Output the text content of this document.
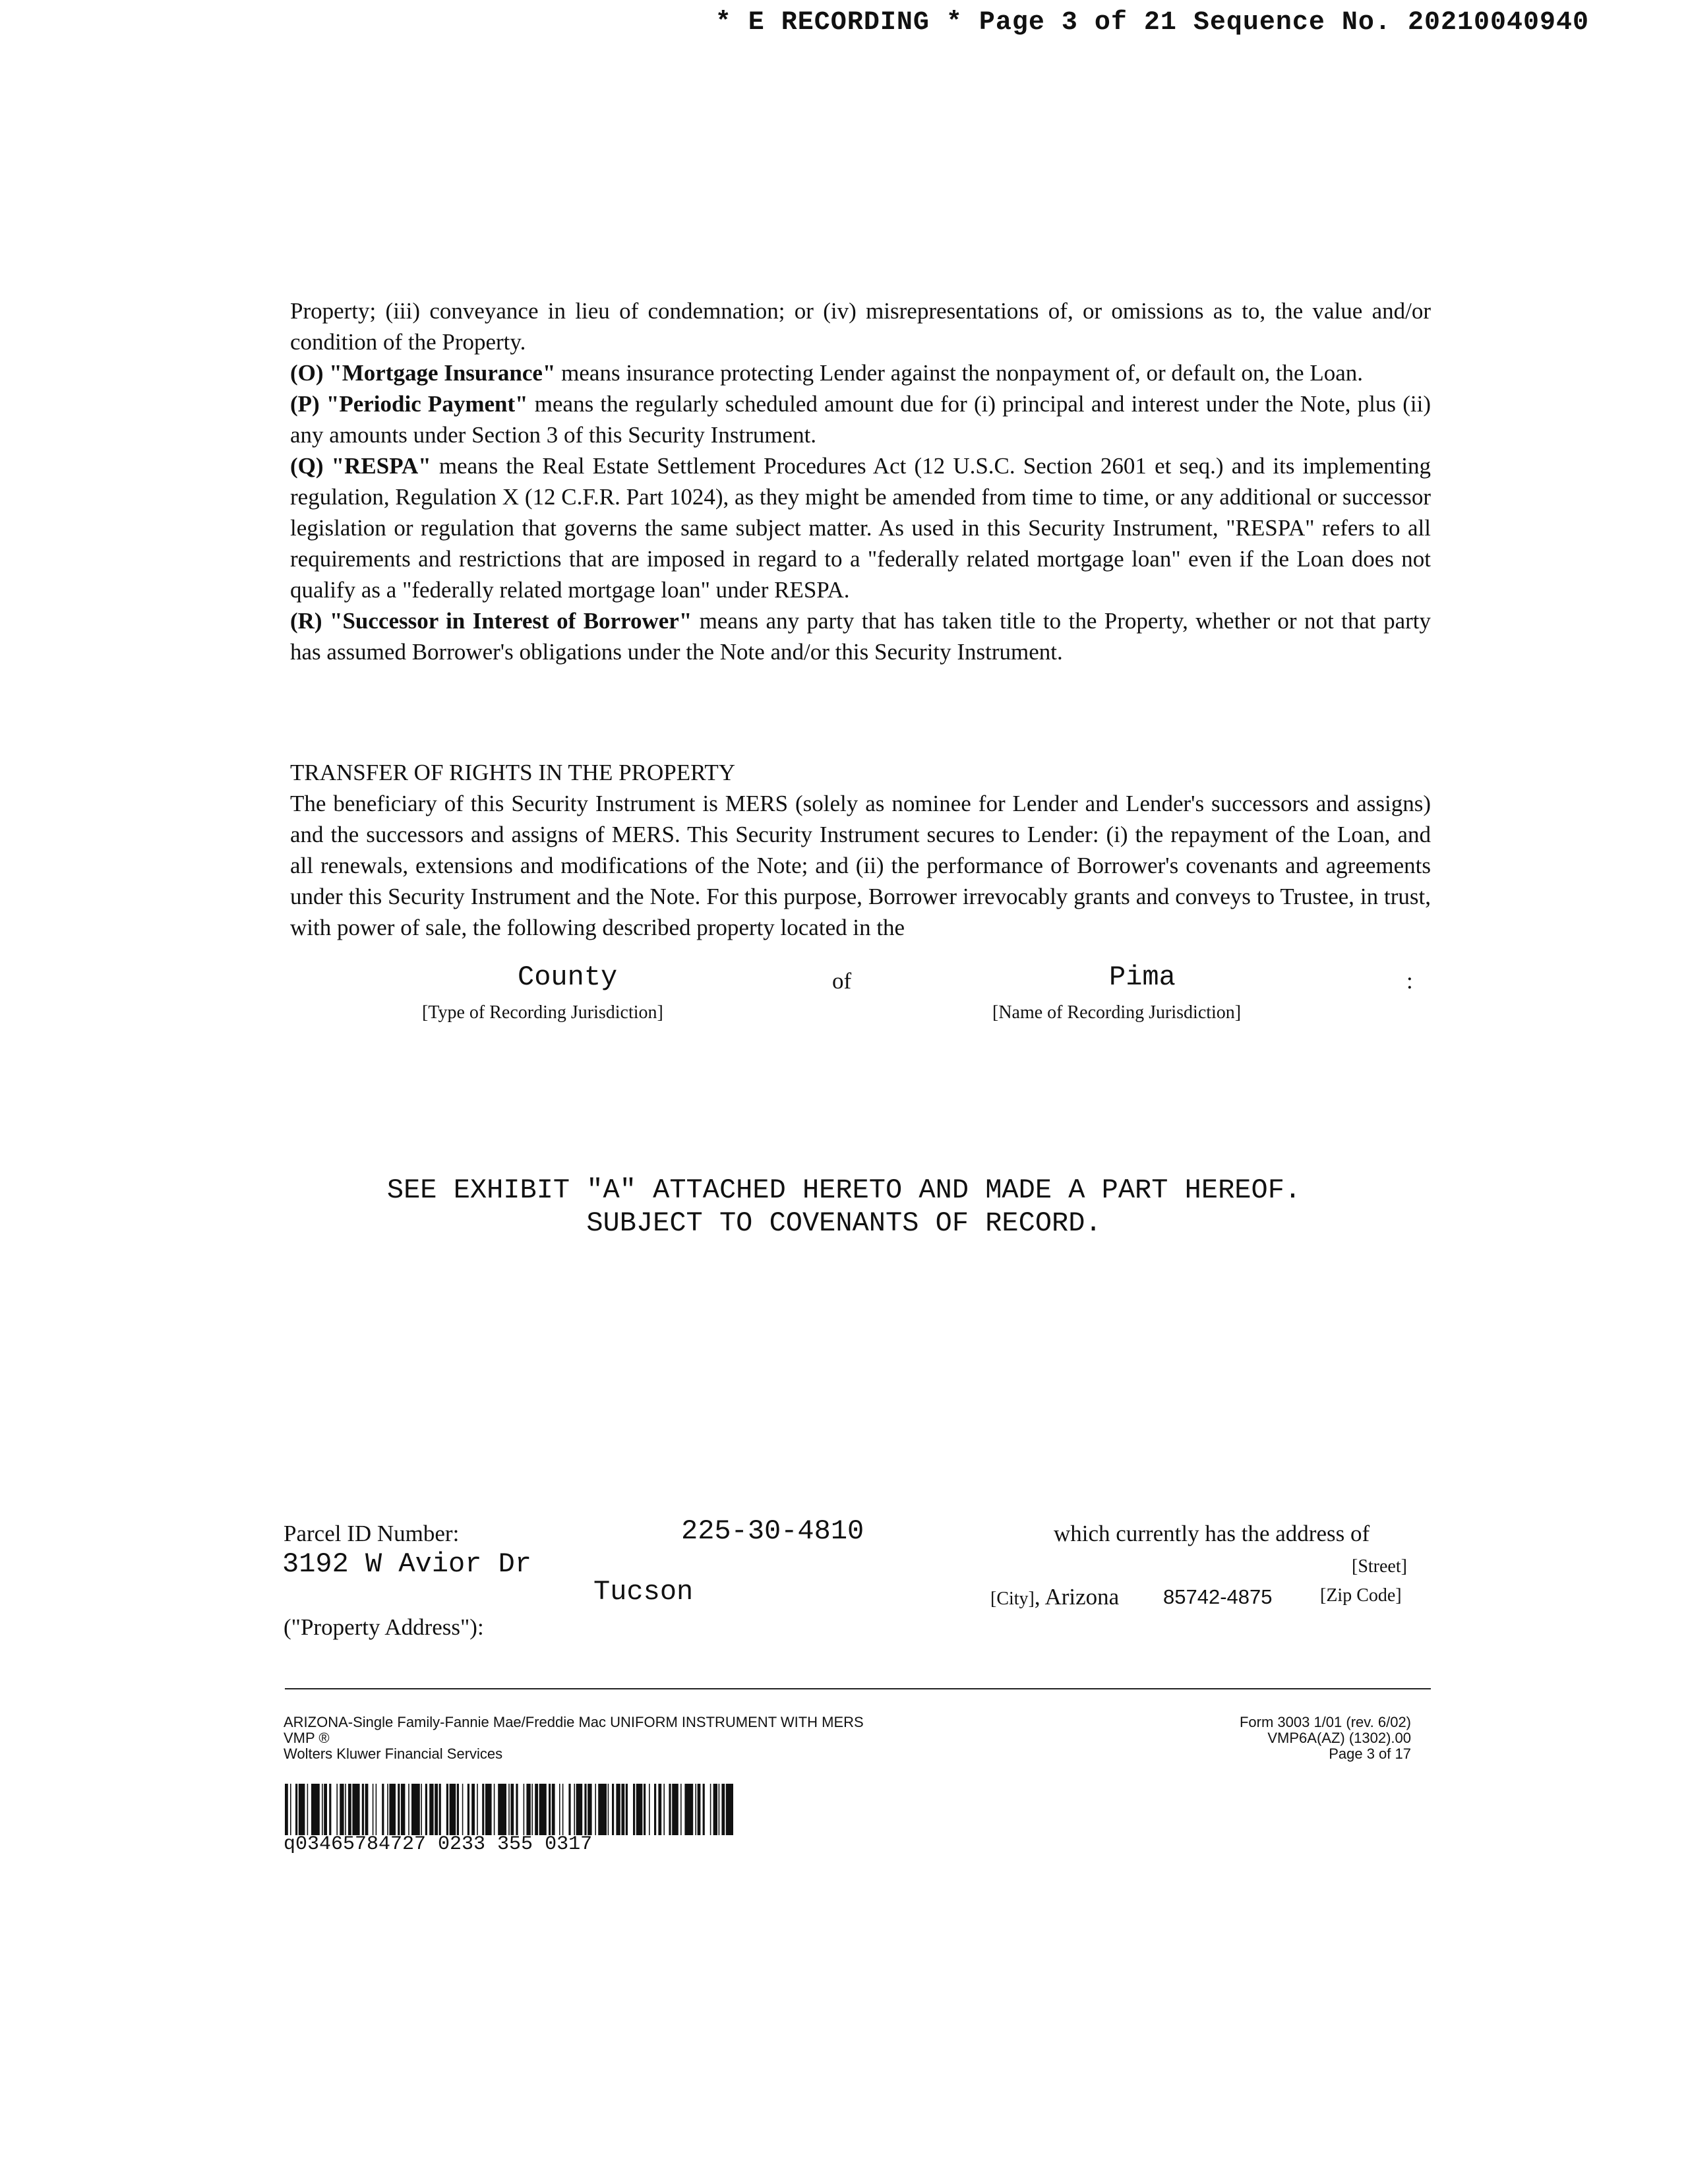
* E RECORDING * Page 3 of 21 Sequence No. 20210040940

Property; (iii) conveyance in lieu of condemnation; or (iv) misrepresentations of, or omissions as to, the value and/or condition of the Property.

(O) "Mortgage Insurance" means insurance protecting Lender against the nonpayment of, or default on, the Loan.

(P) "Periodic Payment" means the regularly scheduled amount due for (i) principal and interest under the Note, plus (ii) any amounts under Section 3 of this Security Instrument.

(Q) "RESPA" means the Real Estate Settlement Procedures Act (12 U.S.C. Section 2601 et seq.) and its implementing regulation, Regulation X (12 C.F.R. Part 1024), as they might be amended from time to time, or any additional or successor legislation or regulation that governs the same subject matter. As used in this Security Instrument, "RESPA" refers to all requirements and restrictions that are imposed in regard to a "federally related mortgage loan" even if the Loan does not qualify as a "federally related mortgage loan" under RESPA.

(R) "Successor in Interest of Borrower" means any party that has taken title to the Property, whether or not that party has assumed Borrower's obligations under the Note and/or this Security Instrument.

TRANSFER OF RIGHTS IN THE PROPERTY

The beneficiary of this Security Instrument is MERS (solely as nominee for Lender and Lender's successors and assigns) and the successors and assigns of MERS. This Security Instrument secures to Lender: (i) the repayment of the Loan, and all renewals, extensions and modifications of the Note; and (ii) the performance of Borrower's covenants and agreements under this Security Instrument and the Note. For this purpose, Borrower irrevocably grants and conveys to Trustee, in trust, with power of sale, the following described property located in the

County	of	Pima	:
[Type of Recording Jurisdiction]	[Name of Recording Jurisdiction]
SEE EXHIBIT "A" ATTACHED HERETO AND MADE A PART HEREOF.
SUBJECT TO COVENANTS OF RECORD.
Parcel ID Number:	225-30-4810	which currently has the address of
3192 W Avior Dr	[Street]
Tucson	[City], Arizona 85742-4875	[Zip Code]
("Property Address"):
ARIZONA-Single Family-Fannie Mae/Freddie Mac UNIFORM INSTRUMENT WITH MERS
VMP ®
Wolters Kluwer Financial Services
Form 3003 1/01 (rev. 6/02)
VMP6A(AZ) (1302).00
Page 3 of 17
q03465784727 0233 355 0317
